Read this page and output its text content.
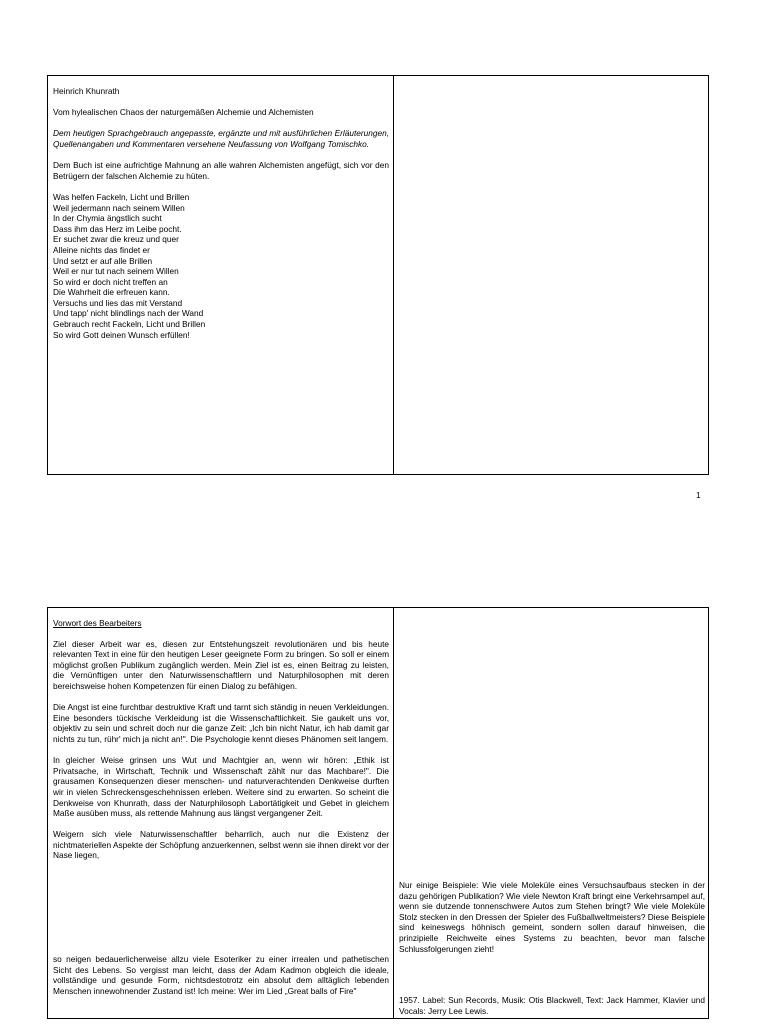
Heinrich Khunrath

Vom hylealischen Chaos der naturgemäßen Alchemie und Alchemisten

Dem heutigen Sprachgebrauch angepasste, ergänzte und mit ausführlichen Erläuterungen, Quellenangaben und Kommentaren versehene Neufassung von Wolfgang Tomischko.

Dem Buch ist eine aufrichtige Mahnung an alle wahren Alchemisten angefügt, sich vor den Betrügern der falschen Alchemie zu hüten.

Was helfen Fackeln, Licht und Brillen
Weil jedermann nach seinem Willen
In der Chymia ängstlich sucht
Dass ihm das Herz im Leibe pocht.
Er suchet zwar die kreuz und quer
Alleine nichts das findet er
Und setzt er auf alle Brillen
Weil er nur tut nach seinem Willen
So wird er doch nicht treffen an
Die Wahrheit die erfreuen kann.
Versuchs und lies das mit Verstand
Und tapp' nicht blindlings nach der Wand
Gebrauch recht Fackeln, Licht und Brillen
So wird Gott deinen Wunsch erfüllen!
1

Vorwort des Bearbeiters

Ziel dieser Arbeit war es, diesen zur Entstehungszeit revolutionären und bis heute relevanten Text in eine für den heutigen Leser geeignete Form zu bringen. So soll er einem möglichst großen Publikum zugänglich werden. Mein Ziel ist es, einen Beitrag zu leisten, die Vernünftigen unter den Naturwissenschaftlern und Naturphilosophen mit deren bereichsweise hohen Kompetenzen für einen Dialog zu befähigen.

Die Angst ist eine furchtbar destruktive Kraft und tarnt sich ständig in neuen Verkleidungen. Eine besonders tückische Verkleidung ist die Wissenschaftlichkeit. Sie gaukelt uns vor, objektiv zu sein und schreit doch nur die ganze Zeit: „Ich bin nicht Natur, ich hab damit gar nichts zu tun, rühr' mich ja nicht an!". Die Psychologie kennt dieses Phänomen seit langem.

In gleicher Weise grinsen uns Wut und Machtgier an, wenn wir hören: „Ethik ist Privatsache, in Wirtschaft, Technik und Wissenschaft zählt nur das Machbare!". Die grausamen Konsequenzen dieser menschen- und naturverachtenden Denkweise durften wir in vielen Schreckensgeschehnissen erleben. Weitere sind zu erwarten. So scheint die Denkweise von Khunrath, dass der Naturphilosoph Labortätigkeit und Gebet in gleichem Maße ausüben muss, als rettende Mahnung aus längst vergangener Zeit.

Weigern sich viele Naturwissenschaftler beharrlich, auch nur die Existenz der nichtmateriellen Aspekte der Schöpfung anzuerkennen, selbst wenn sie ihnen direkt vor der Nase liegen,

so neigen bedauerlicherweise allzu viele Esoteriker zu einer irrealen und pathetischen Sicht des Lebens. So vergisst man leicht, dass der Adam Kadmon obgleich die ideale, vollständige und gesunde Form, nichtsdestotrotz ein absolut dem alltäglich lebenden Menschen innewohnender Zustand ist! Ich meine: Wer im Lied „Great balls of Fire"
Nur einige Beispiele: Wie viele Moleküle eines Versuchsaufbaus stecken in der dazu gehörigen Publikation? Wie viele Newton Kraft bringt eine Verkehrsampel auf, wenn sie dutzende tonnenschwere Autos zum Stehen bringt? Wie viele Moleküle Stolz stecken in den Dressen der Spieler des Fußballweltmeisters? Diese Beispiele sind keineswegs höhnisch gemeint, sondern sollen darauf hinweisen, die prinzipielle Reichweite eines Systems zu beachten, bevor man falsche Schlussfolgerungen zieht!
1957. Label: Sun Records, Musik: Otis Blackwell, Text: Jack Hammer, Klavier und Vocals: Jerry Lee Lewis.
